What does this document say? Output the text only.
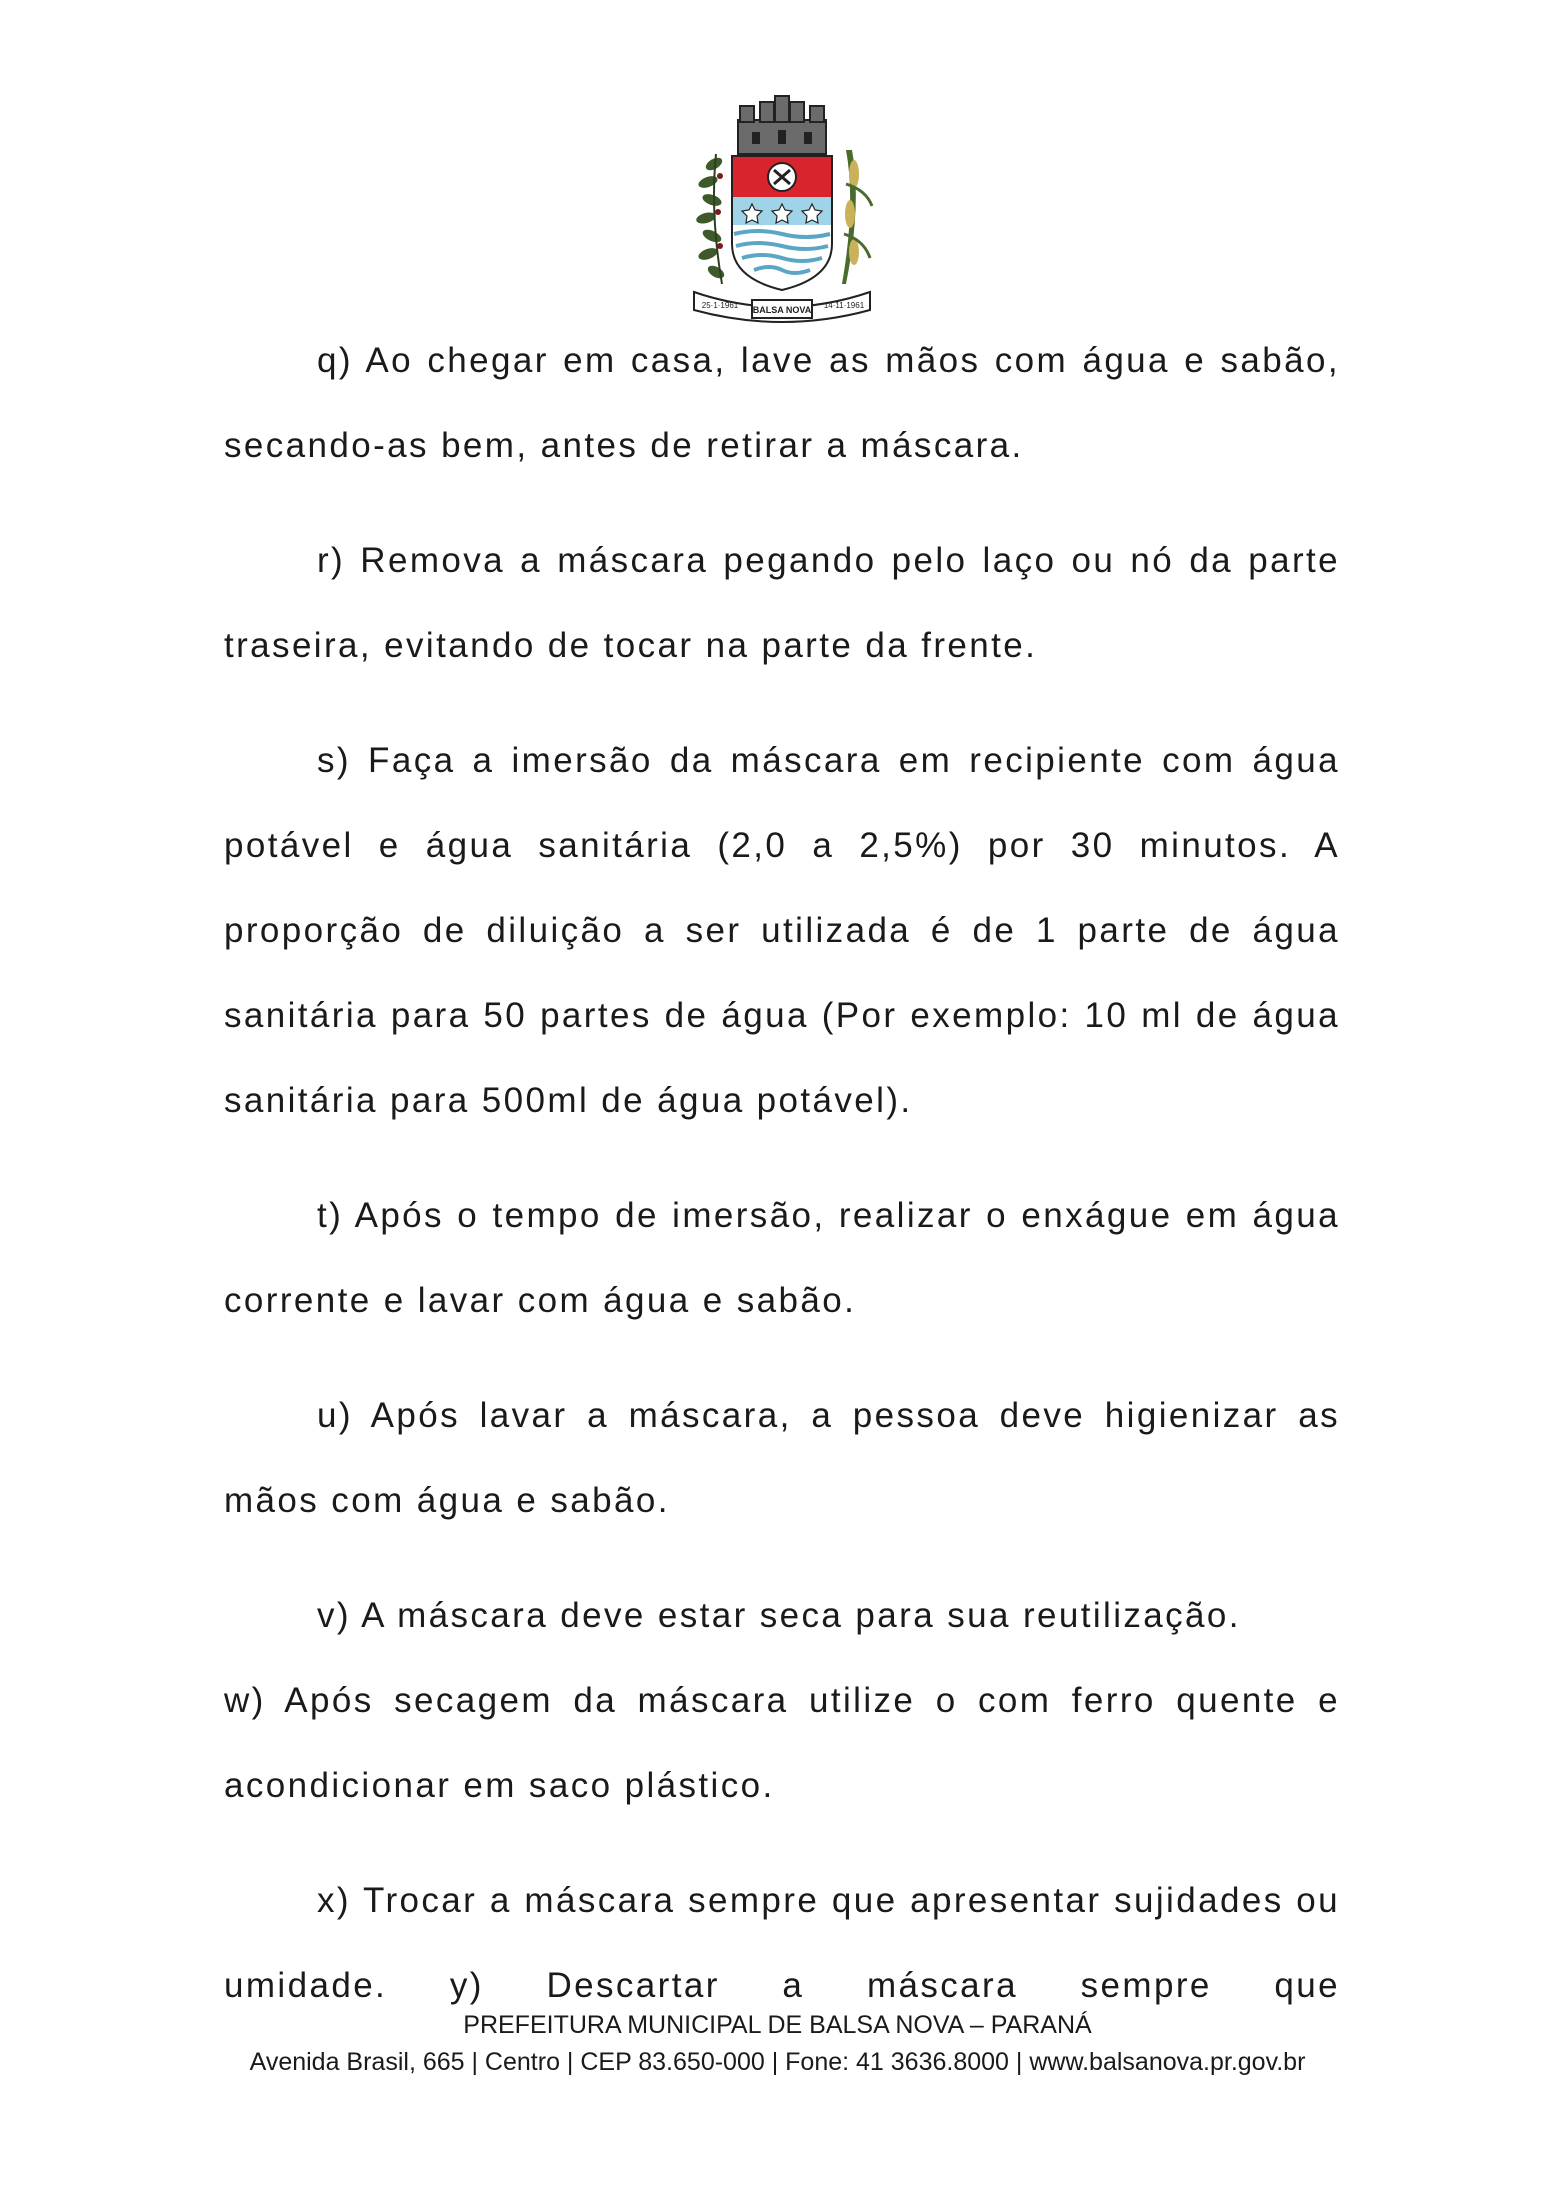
25·1·1961 BALSA NOVA 14·11·1961

q) Ao chegar em casa, lave as mãos com água e sabão, secando-as bem, antes de retirar a máscara.

r) Remova a máscara pegando pelo laço ou nó da parte traseira, evitando de tocar na parte da frente.

s) Faça a imersão da máscara em recipiente com água potável e água sanitária (2,0 a 2,5%) por 30 minutos. A proporção de diluição a ser utilizada é de 1 parte de água sanitária para 50 partes de água (Por exemplo: 10 ml de água sanitária para 500ml de água potável).

t) Após o tempo de imersão, realizar o enxágue em água corrente e lavar com água e sabão.

u) Após lavar a máscara, a pessoa deve higienizar as mãos com água e sabão.

v) A máscara deve estar seca para sua reutilização.

w) Após secagem da máscara utilize o com ferro quente e acondicionar em saco plástico.

x) Trocar a máscara sempre que apresentar sujidades ou umidade. y) Descartar a máscara sempre que

PREFEITURA MUNICIPAL DE BALSA NOVA – PARANÁ
Avenida Brasil, 665 | Centro | CEP 83.650-000 | Fone: 41 3636.8000 | www.balsanova.pr.gov.br
